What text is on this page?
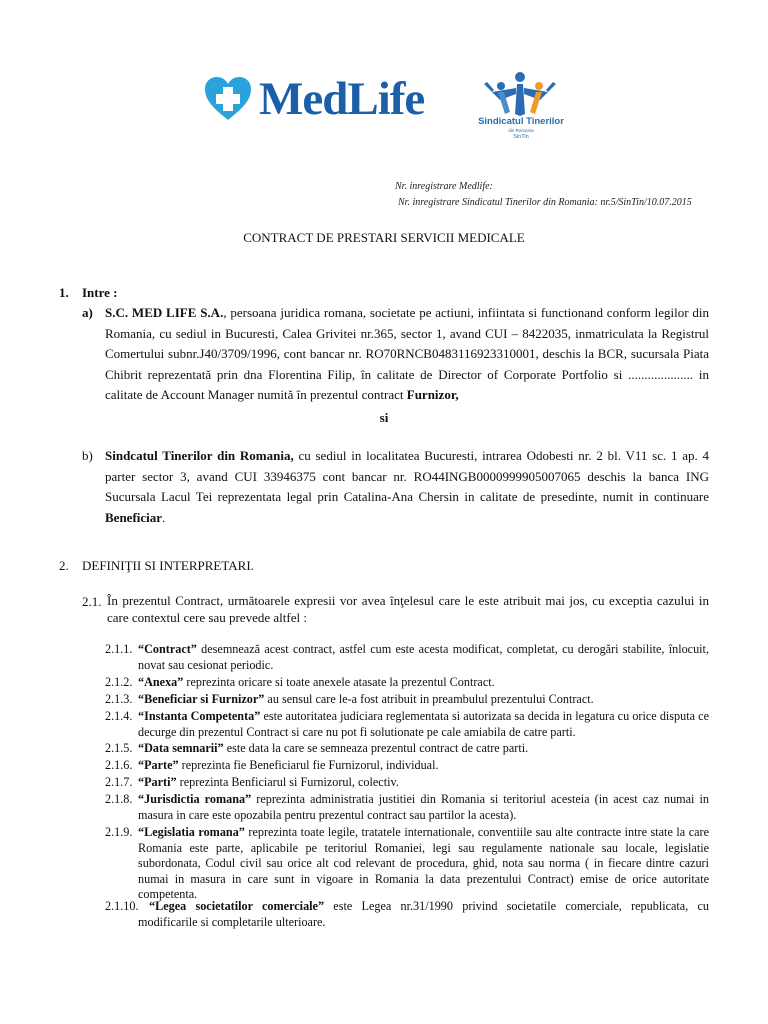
MedLife	Sindicatul Tinerilor
din Romania
SinTin
Nr. inregistrare Medlife:
Nr. inregistrare Sindicatul Tinerilor din Romania: nr.5/SinTin/10.07.2015
CONTRACT DE PRESTARI SERVICII MEDICALE
1. Intre :
a) S.C. MED LIFE S.A., persoana juridica romana, societate pe actiuni, infiintata si functionand conform legilor din Romania, cu sediul in Bucuresti, Calea Grivitei nr.365, sector 1, avand CUI – 8422035, inmatriculata la Registrul Comertului subnr.J40/3709/1996, cont bancar nr. RO70RNCB0483116923310001, deschis la BCR, sucursala Piata Chibrit reprezentată prin dna Florentina Filip, în calitate de Director of Corporate Portfolio si .................... in calitate de Account Manager numită în prezentul contract Furnizor,
si
b) Sindcatul Tinerilor din Romania, cu sediul in localitatea Bucuresti, intrarea Odobesti nr. 2 bl. V11 sc. 1 ap. 4 parter sector 3, avand CUI 33946375 cont bancar nr. RO44INGB0000999905007065 deschis la banca ING Sucursala Lacul Tei reprezentata legal prin Catalina-Ana Chersin in calitate de presedinte, numit in continuare Beneficiar.
2. DEFINIŢII SI INTERPRETARI.
2.1. În prezentul Contract, următoarele expresii vor avea înţelesul care le este atribuit mai jos, cu exceptia cazului in care contextul cere sau prevede altfel :
2.1.1. “Contract” desemnează acest contract, astfel cum este acesta modificat, completat, cu derogări stabilite, înlocuit, novat sau cesionat periodic.
2.1.2. “Anexa” reprezinta oricare si toate anexele atasate la prezentul Contract.
2.1.3. “Beneficiar si Furnizor” au sensul care le-a fost atribuit in preambulul prezentului Contract.
2.1.4. “Instanta Competenta” este autoritatea judiciara reglementata si autorizata sa decida in legatura cu orice disputa ce decurge din prezentul Contract si care nu pot fi solutionate pe cale amiabila de catre parti.
2.1.5. “Data semnarii” este data la care se semneaza prezentul contract de catre parti.
2.1.6. “Parte” reprezinta fie Beneficiarul fie Furnizorul, individual.
2.1.7. “Parti” reprezinta Benficiarul si Furnizorul, colectiv.
2.1.8. “Jurisdictia romana” reprezinta administratia justitiei din Romania si teritoriul acesteia (in acest caz numai in masura in care este opozabila pentru prezentul contract sau partilor la acesta).
2.1.9. “Legislatia romana” reprezinta toate legile, tratatele internationale, conventiile sau alte contracte intre state la care Romania este parte, aplicabile pe teritoriul Romaniei, legi sau regulamente nationale sau locale, legislatie subordonata, Codul civil sau orice alt cod relevant de procedura, ghid, nota sau norma ( in fiecare dintre cazuri numai in masura in care sunt in vigoare in Romania la data prezentului Contract) emise de orice autoritate competenta.
2.1.10. “Legea societatilor comerciale” este Legea nr.31/1990 privind societatile comerciale, republicata, cu modificarile si completarile ulterioare.
